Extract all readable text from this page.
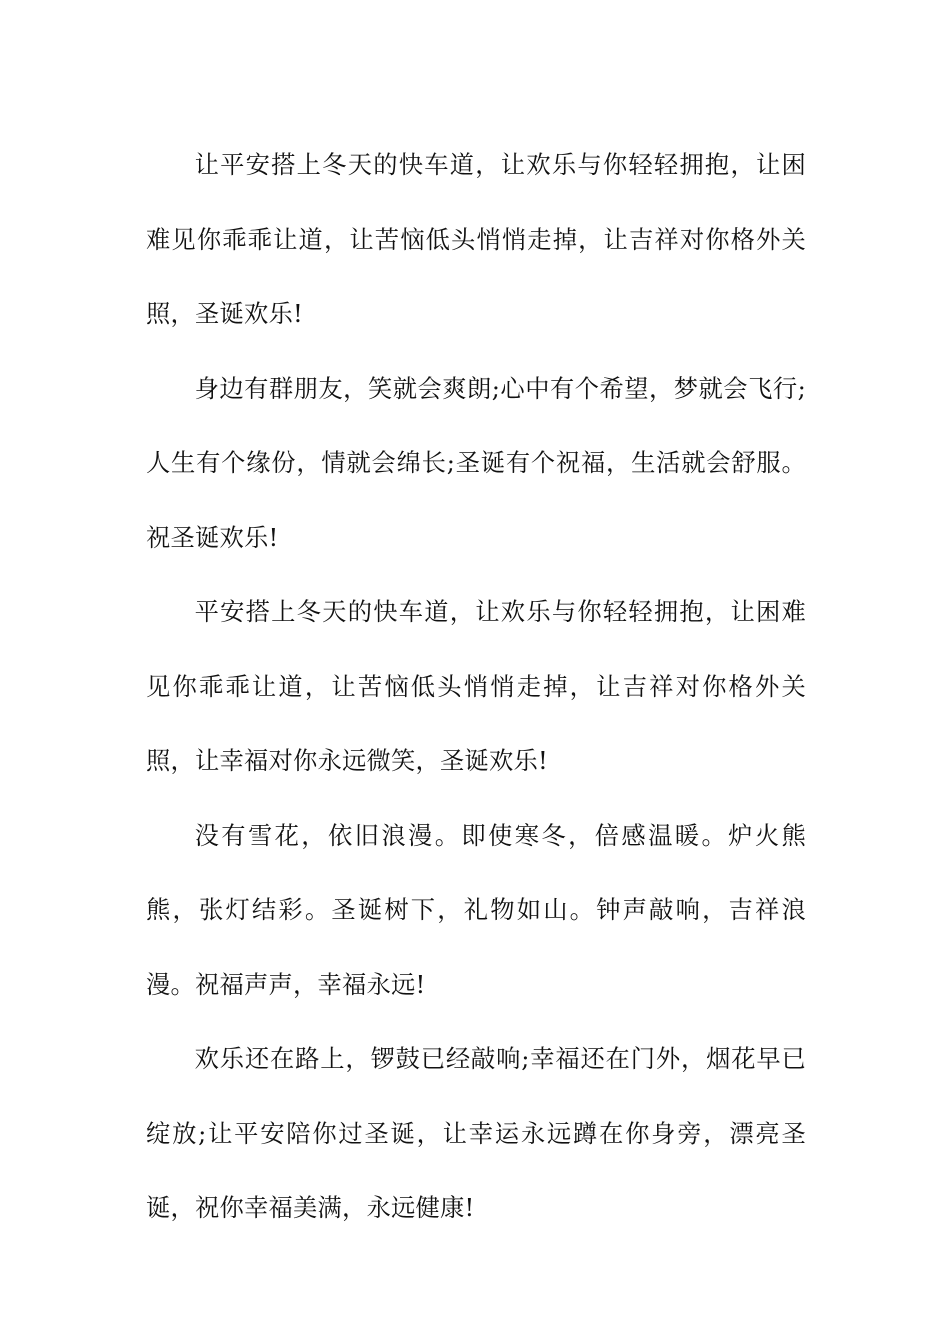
让平安搭上冬天的快车道，让欢乐与你轻轻拥抱，让困难见你乖乖让道，让苦恼低头悄悄走掉，让吉祥对你格外关照，圣诞欢乐!

身边有群朋友，笑就会爽朗;心中有个希望，梦就会飞行;人生有个缘份，情就会绵长;圣诞有个祝福，生活就会舒服。祝圣诞欢乐!

平安搭上冬天的快车道，让欢乐与你轻轻拥抱，让困难见你乖乖让道，让苦恼低头悄悄走掉，让吉祥对你格外关照，让幸福对你永远微笑，圣诞欢乐!

没有雪花，依旧浪漫。即使寒冬，倍感温暖。炉火熊熊，张灯结彩。圣诞树下，礼物如山。钟声敲响，吉祥浪漫。祝福声声，幸福永远!

欢乐还在路上，锣鼓已经敲响;幸福还在门外，烟花早已绽放;让平安陪你过圣诞，让幸运永远蹲在你身旁，漂亮圣诞，祝你幸福美满，永远健康!
